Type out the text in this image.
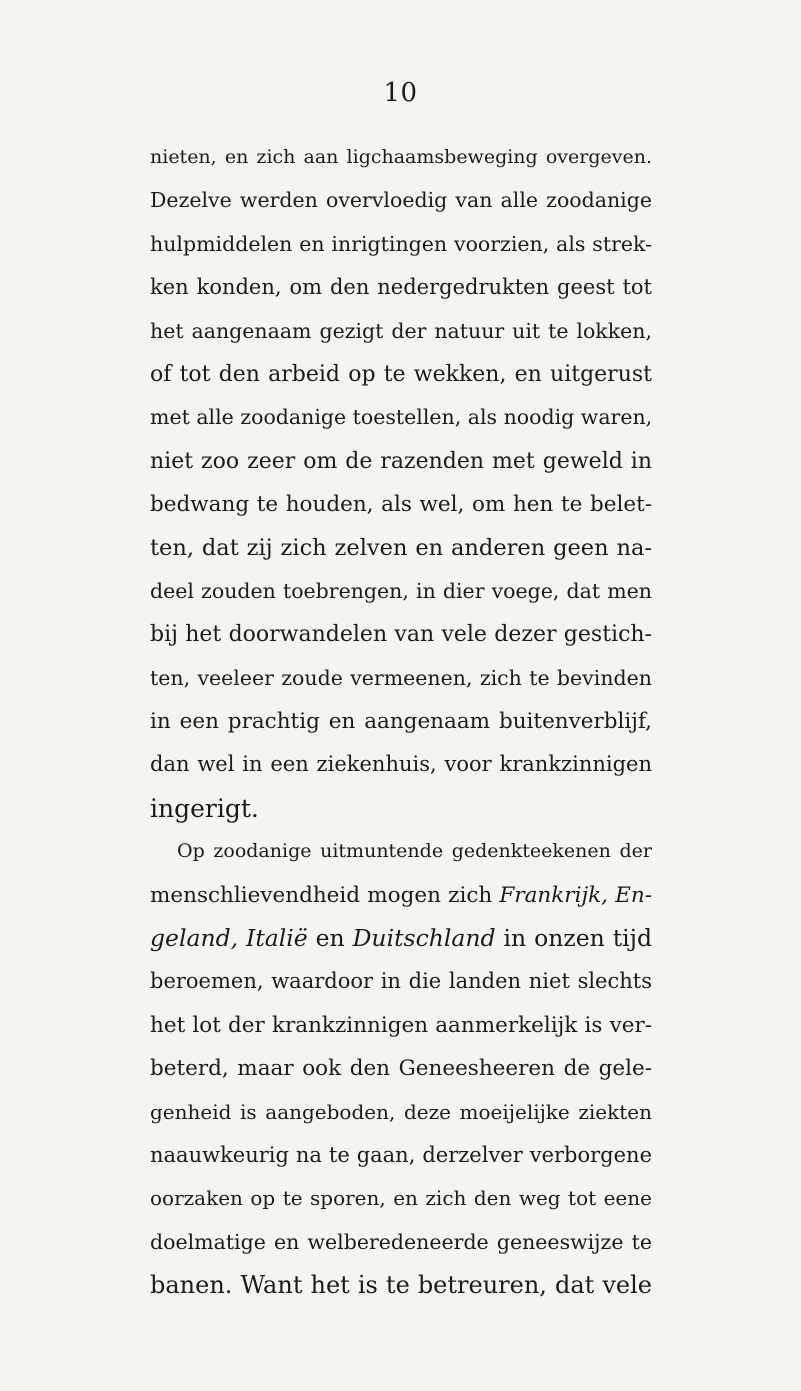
10
nieten, en zich aan ligchaamsbeweging overgeven.
Dezelve werden overvloedig van alle zoodanige
hulpmiddelen en inrigtingen voorzien, als strek-
ken konden, om den nedergedrukten geest tot
het aangenaam gezigt der natuur uit te lokken,
of tot den arbeid op te wekken, en uitgerust
met alle zoodanige toestellen, als noodig waren,
niet zoo zeer om de razenden met geweld in
bedwang te houden, als wel, om hen te belet-
ten, dat zij zich zelven en anderen geen na-
deel zouden toebrengen, in dier voege, dat men
bij het doorwandelen van vele dezer gestich-
ten, veeleer zoude vermeenen, zich te bevinden
in een prachtig en aangenaam buitenverblijf,
dan wel in een ziekenhuis, voor krankzinnigen
ingerigt.
Op zoodanige uitmuntende gedenkteekenen der
menschlievendheid mogen zich Frankrijk, En-
geland, Italië en Duitschland in onzen tijd
beroemen, waardoor in die landen niet slechts
het lot der krankzinnigen aanmerkelijk is ver-
beterd, maar ook den Geneesheeren de gele-
genheid is aangeboden, deze moeijelijke ziekten
naauwkeurig na te gaan, derzelver verborgene
oorzaken op te sporen, en zich den weg tot eene
doelmatige en welberedeneerde geneeswijze te
banen. Want het is te betreuren, dat vele
